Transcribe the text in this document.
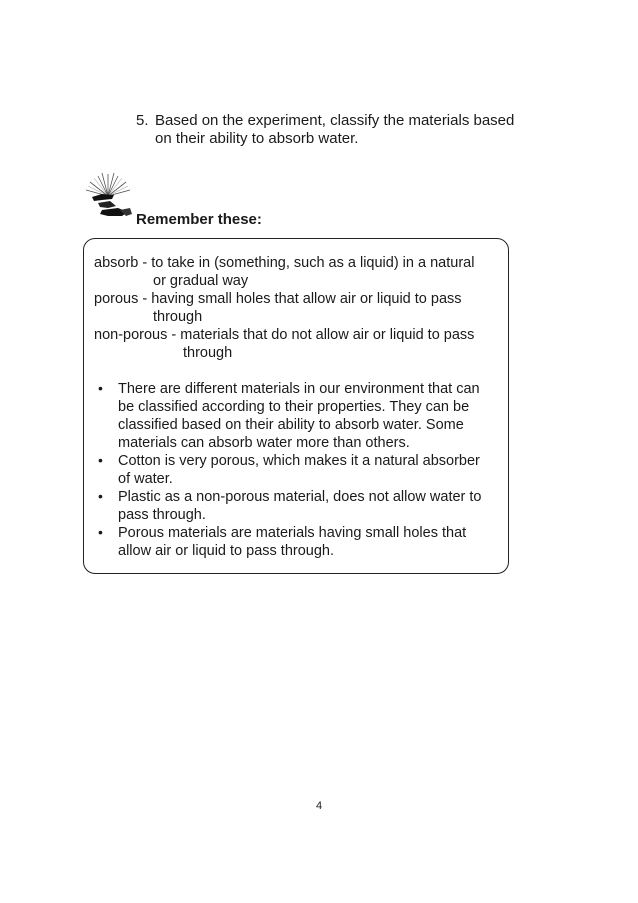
5. Based on the experiment, classify the materials based
on their ability to absorb water.
Remember these:
absorb - to take in (something, such as a liquid) in a natural
or gradual way
porous - having small holes that allow air or liquid to pass
through
non-porous - materials that do not allow air or liquid to pass
through
• There are different materials in our environment that can
be classified according to their properties. They can be
classified based on their ability to absorb water. Some
materials can absorb water more than others.
• Cotton is very porous, which makes it a natural absorber
of water.
• Plastic as a non-porous material, does not allow water to
pass through.
• Porous materials are materials having small holes that
allow air or liquid to pass through.
4
